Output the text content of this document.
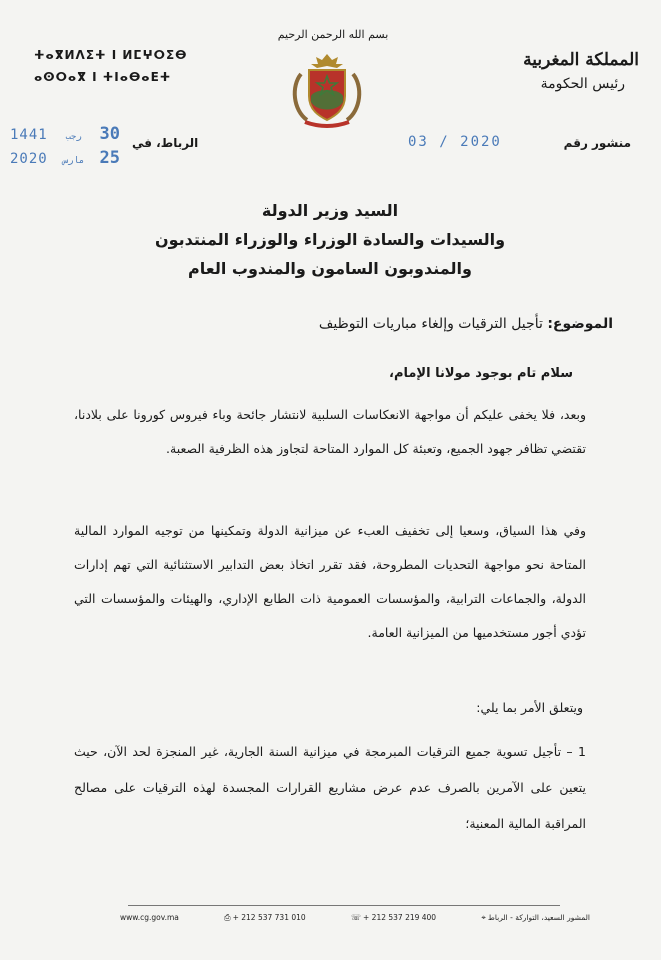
ⵜⴰⴳⵍⴷⵉⵜ ⵏ ⵍⵎⵖⵔⵉⴱ
ⴰⵙⵔⴰⴳ ⵏ ⵜⵏⴰⴱⴰⴹⵜ
بسم الله الرحمن الرحيم
المملكة المغربية
رئيس الحكومة
1441 رجب 30
2020 مارس 25
الرباط، في	03 / 2020	منشور رقم
السيد وزير الدولة
والسيدات والسادة الوزراء والوزراء المنتدبون
والمندوبون السامون والمندوب العام
الموضوع: تأجيل الترقيات وإلغاء مباريات التوظيف
سلام تام بوجود مولانا الإمام،
وبعد، فلا يخفى عليكم أن مواجهة الانعكاسات السلبية لانتشار جائحة وباء فيروس كورونا على بلادنا، تقتضي تظافر جهود الجميع، وتعبئة كل الموارد المتاحة لتجاوز هذه الظرفية الصعبة.
وفي هذا السياق، وسعيا إلى تخفيف العبء عن ميزانية الدولة وتمكينها من توجيه الموارد المالية المتاحة نحو مواجهة التحديات المطروحة، فقد تقرر اتخاذ بعض التدابير الاستثنائية التي تهم إدارات الدولة، والجماعات الترابية، والمؤسسات العمومية ذات الطابع الإداري، والهيئات والمؤسسات التي تؤدي أجور مستخدميها من الميزانية العامة.
ويتعلق الأمر بما يلي:
1 – تأجيل تسوية جميع الترقيات المبرمجة في ميزانية السنة الجارية، غير المنجزة لحد الآن، حيث يتعين على الآمرين بالصرف عدم عرض مشاريع القرارات المجسدة لهذه الترقيات على مصالح المراقبة المالية المعنية؛
www.cg.gov.ma	⎙ + 212 537 731 010	☏ + 212 537 219 400	⌖ المشور السعيد، التواركة - الرباط
